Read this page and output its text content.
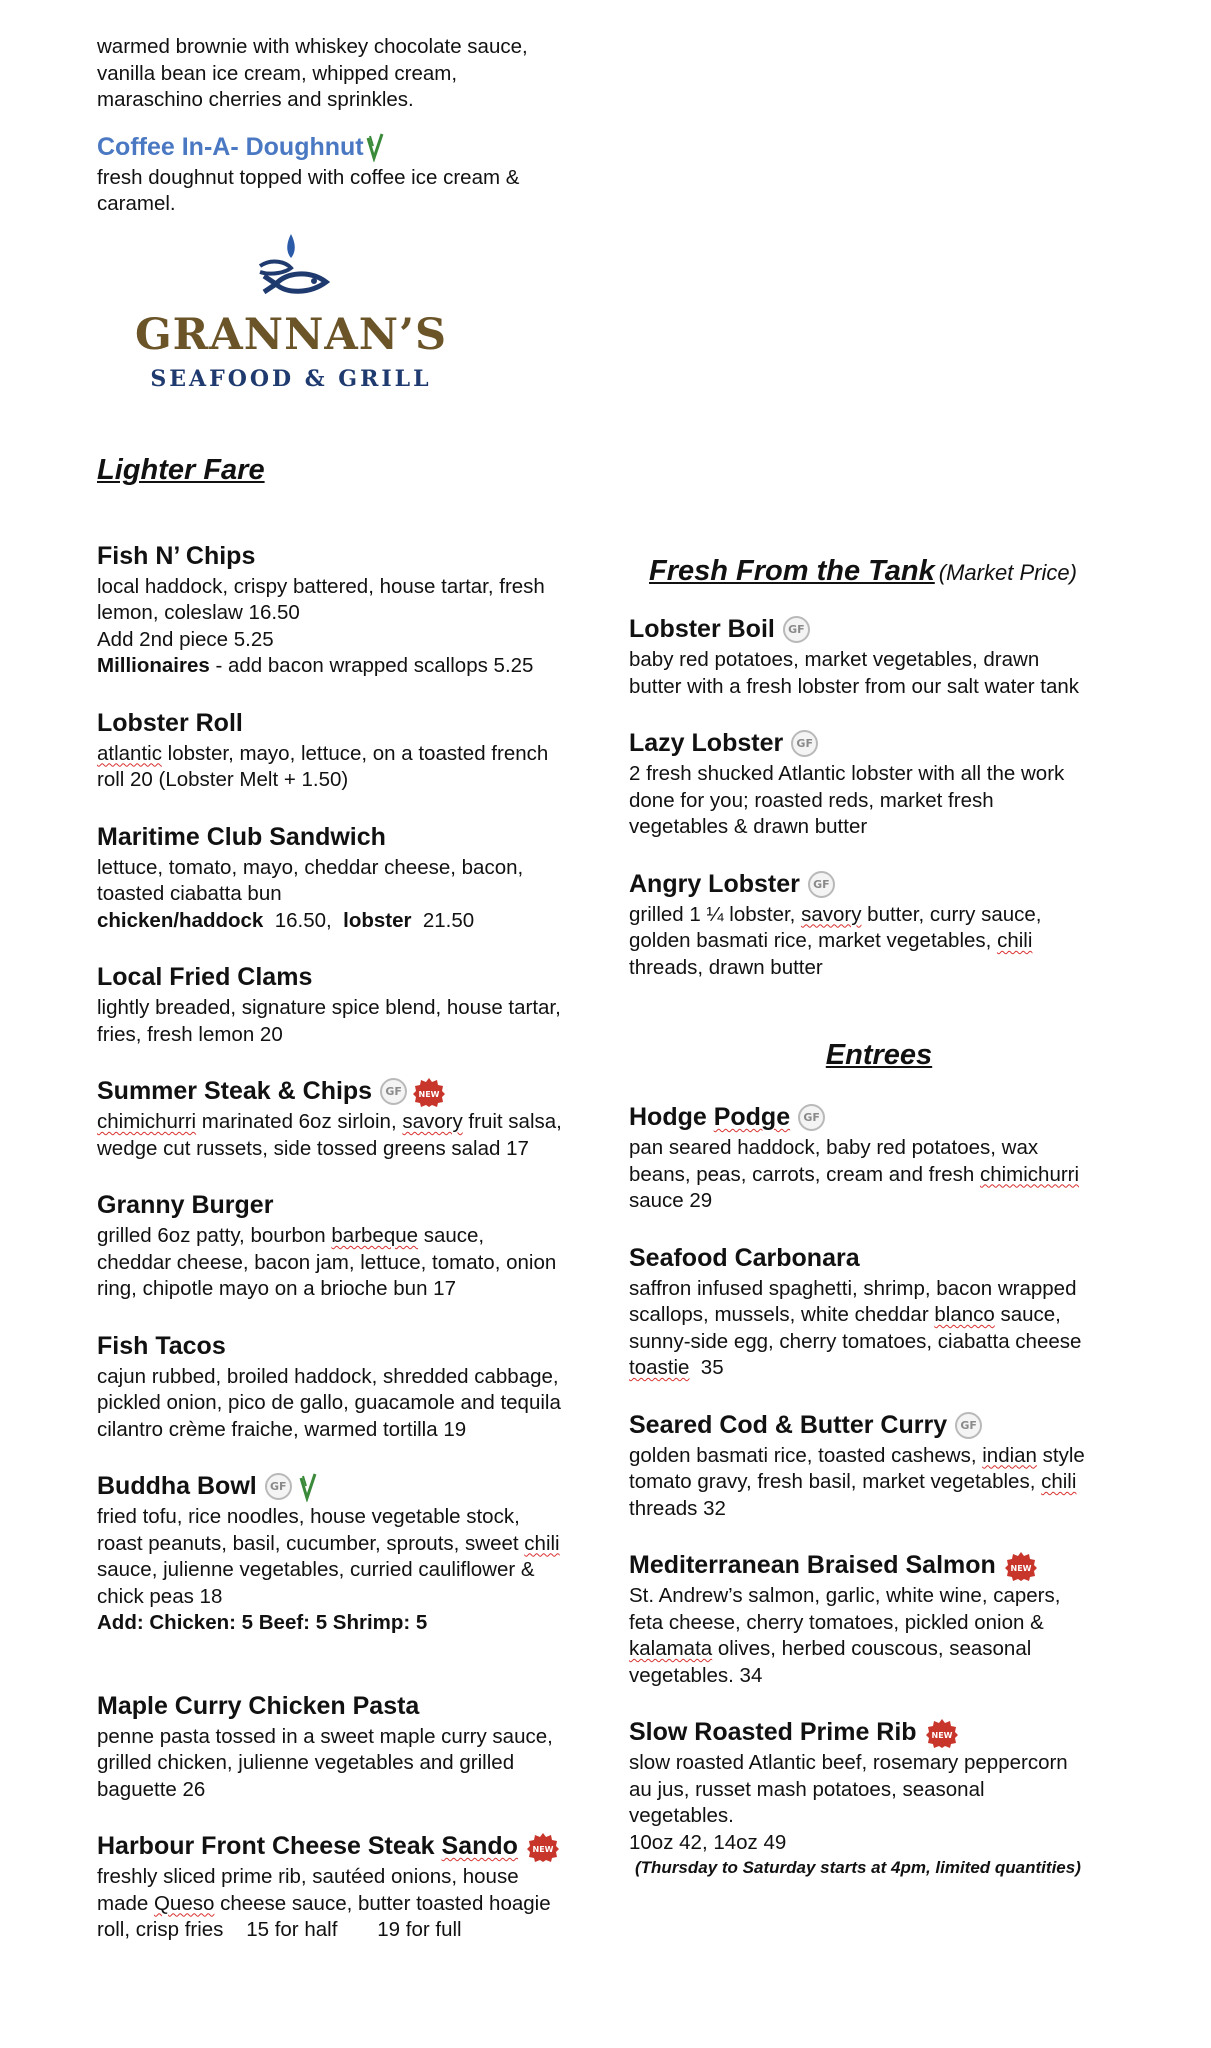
warmed brownie with whiskey chocolate sauce,

vanilla bean ice cream, whipped cream,

maraschino cherries and sprinkles.

Coffee In-A- Doughnut

fresh doughnut topped with coffee ice cream &

caramel.

GRANNAN’S
SEAFOOD & GRILL
Lighter Fare
Fish N’ Chips

local haddock, crispy battered, house tartar, fresh

lemon, coleslaw 16.50

Add 2nd piece 5.25

Millionaires - add bacon wrapped scallops 5.25

Lobster Roll

atlantic lobster, mayo, lettuce, on a toasted french

roll 20 (Lobster Melt + 1.50)

Maritime Club Sandwich

lettuce, tomato, mayo, cheddar cheese, bacon,

toasted ciabatta bun

chicken/haddock  16.50,  lobster  21.50

Local Fried Clams

lightly breaded, signature spice blend, house tartar,

fries, fresh lemon 20

Summer Steak & Chips	GF	NEW

chimichurri marinated 6oz sirloin, savory fruit salsa,

wedge cut russets, side tossed greens salad 17

Granny Burger

grilled 6oz patty, bourbon barbeque sauce,

cheddar cheese, bacon jam, lettuce, tomato, onion

ring, chipotle mayo on a brioche bun 17

Fish Tacos

cajun rubbed, broiled haddock, shredded cabbage,

pickled onion, pico de gallo, guacamole and tequila

cilantro crème fraiche, warmed tortilla 19

Buddha Bowl	GF

fried tofu, rice noodles, house vegetable stock,

roast peanuts, basil, cucumber, sprouts, sweet chili

sauce, julienne vegetables, curried cauliflower &

chick peas 18

Add: Chicken: 5 Beef: 5 Shrimp: 5

Maple Curry Chicken Pasta

penne pasta tossed in a sweet maple curry sauce,

grilled chicken, julienne vegetables and grilled

baguette 26

Harbour Front Cheese Steak Sando NEW

freshly sliced prime rib, sautéed onions, house

made Queso cheese sauce, butter toasted hoagie

roll, crisp fries    15 for half       19 for full

Fresh From the Tank (Market Price)
Lobster Boil	GF

baby red potatoes, market vegetables, drawn

butter with a fresh lobster from our salt water tank

Lazy Lobster	GF

2 fresh shucked Atlantic lobster with all the work

done for you; roasted reds, market fresh

vegetables & drawn butter

Angry Lobster	GF

grilled 1 ¼ lobster, savory butter, curry sauce,

golden basmati rice, market vegetables, chili

threads, drawn butter

Entrees
Hodge Podge	GF

pan seared haddock, baby red potatoes, wax

beans, peas, carrots, cream and fresh chimichurri

sauce 29

Seafood Carbonara

saffron infused spaghetti, shrimp, bacon wrapped

scallops, mussels, white cheddar blanco sauce,

sunny-side egg, cherry tomatoes, ciabatta cheese

toastie  35

Seared Cod & Butter Curry	GF

golden basmati rice, toasted cashews, indian style

tomato gravy, fresh basil, market vegetables, chili

threads 32

Mediterranean Braised Salmon NEW

St. Andrew’s salmon, garlic, white wine, capers,

feta cheese, cherry tomatoes, pickled onion &

kalamata olives, herbed couscous, seasonal

vegetables. 34

Slow Roasted Prime Rib NEW

slow roasted Atlantic beef, rosemary peppercorn

au jus, russet mash potatoes, seasonal

vegetables.

10oz 42, 14oz 49

(Thursday to Saturday starts at 4pm, limited quantities)
